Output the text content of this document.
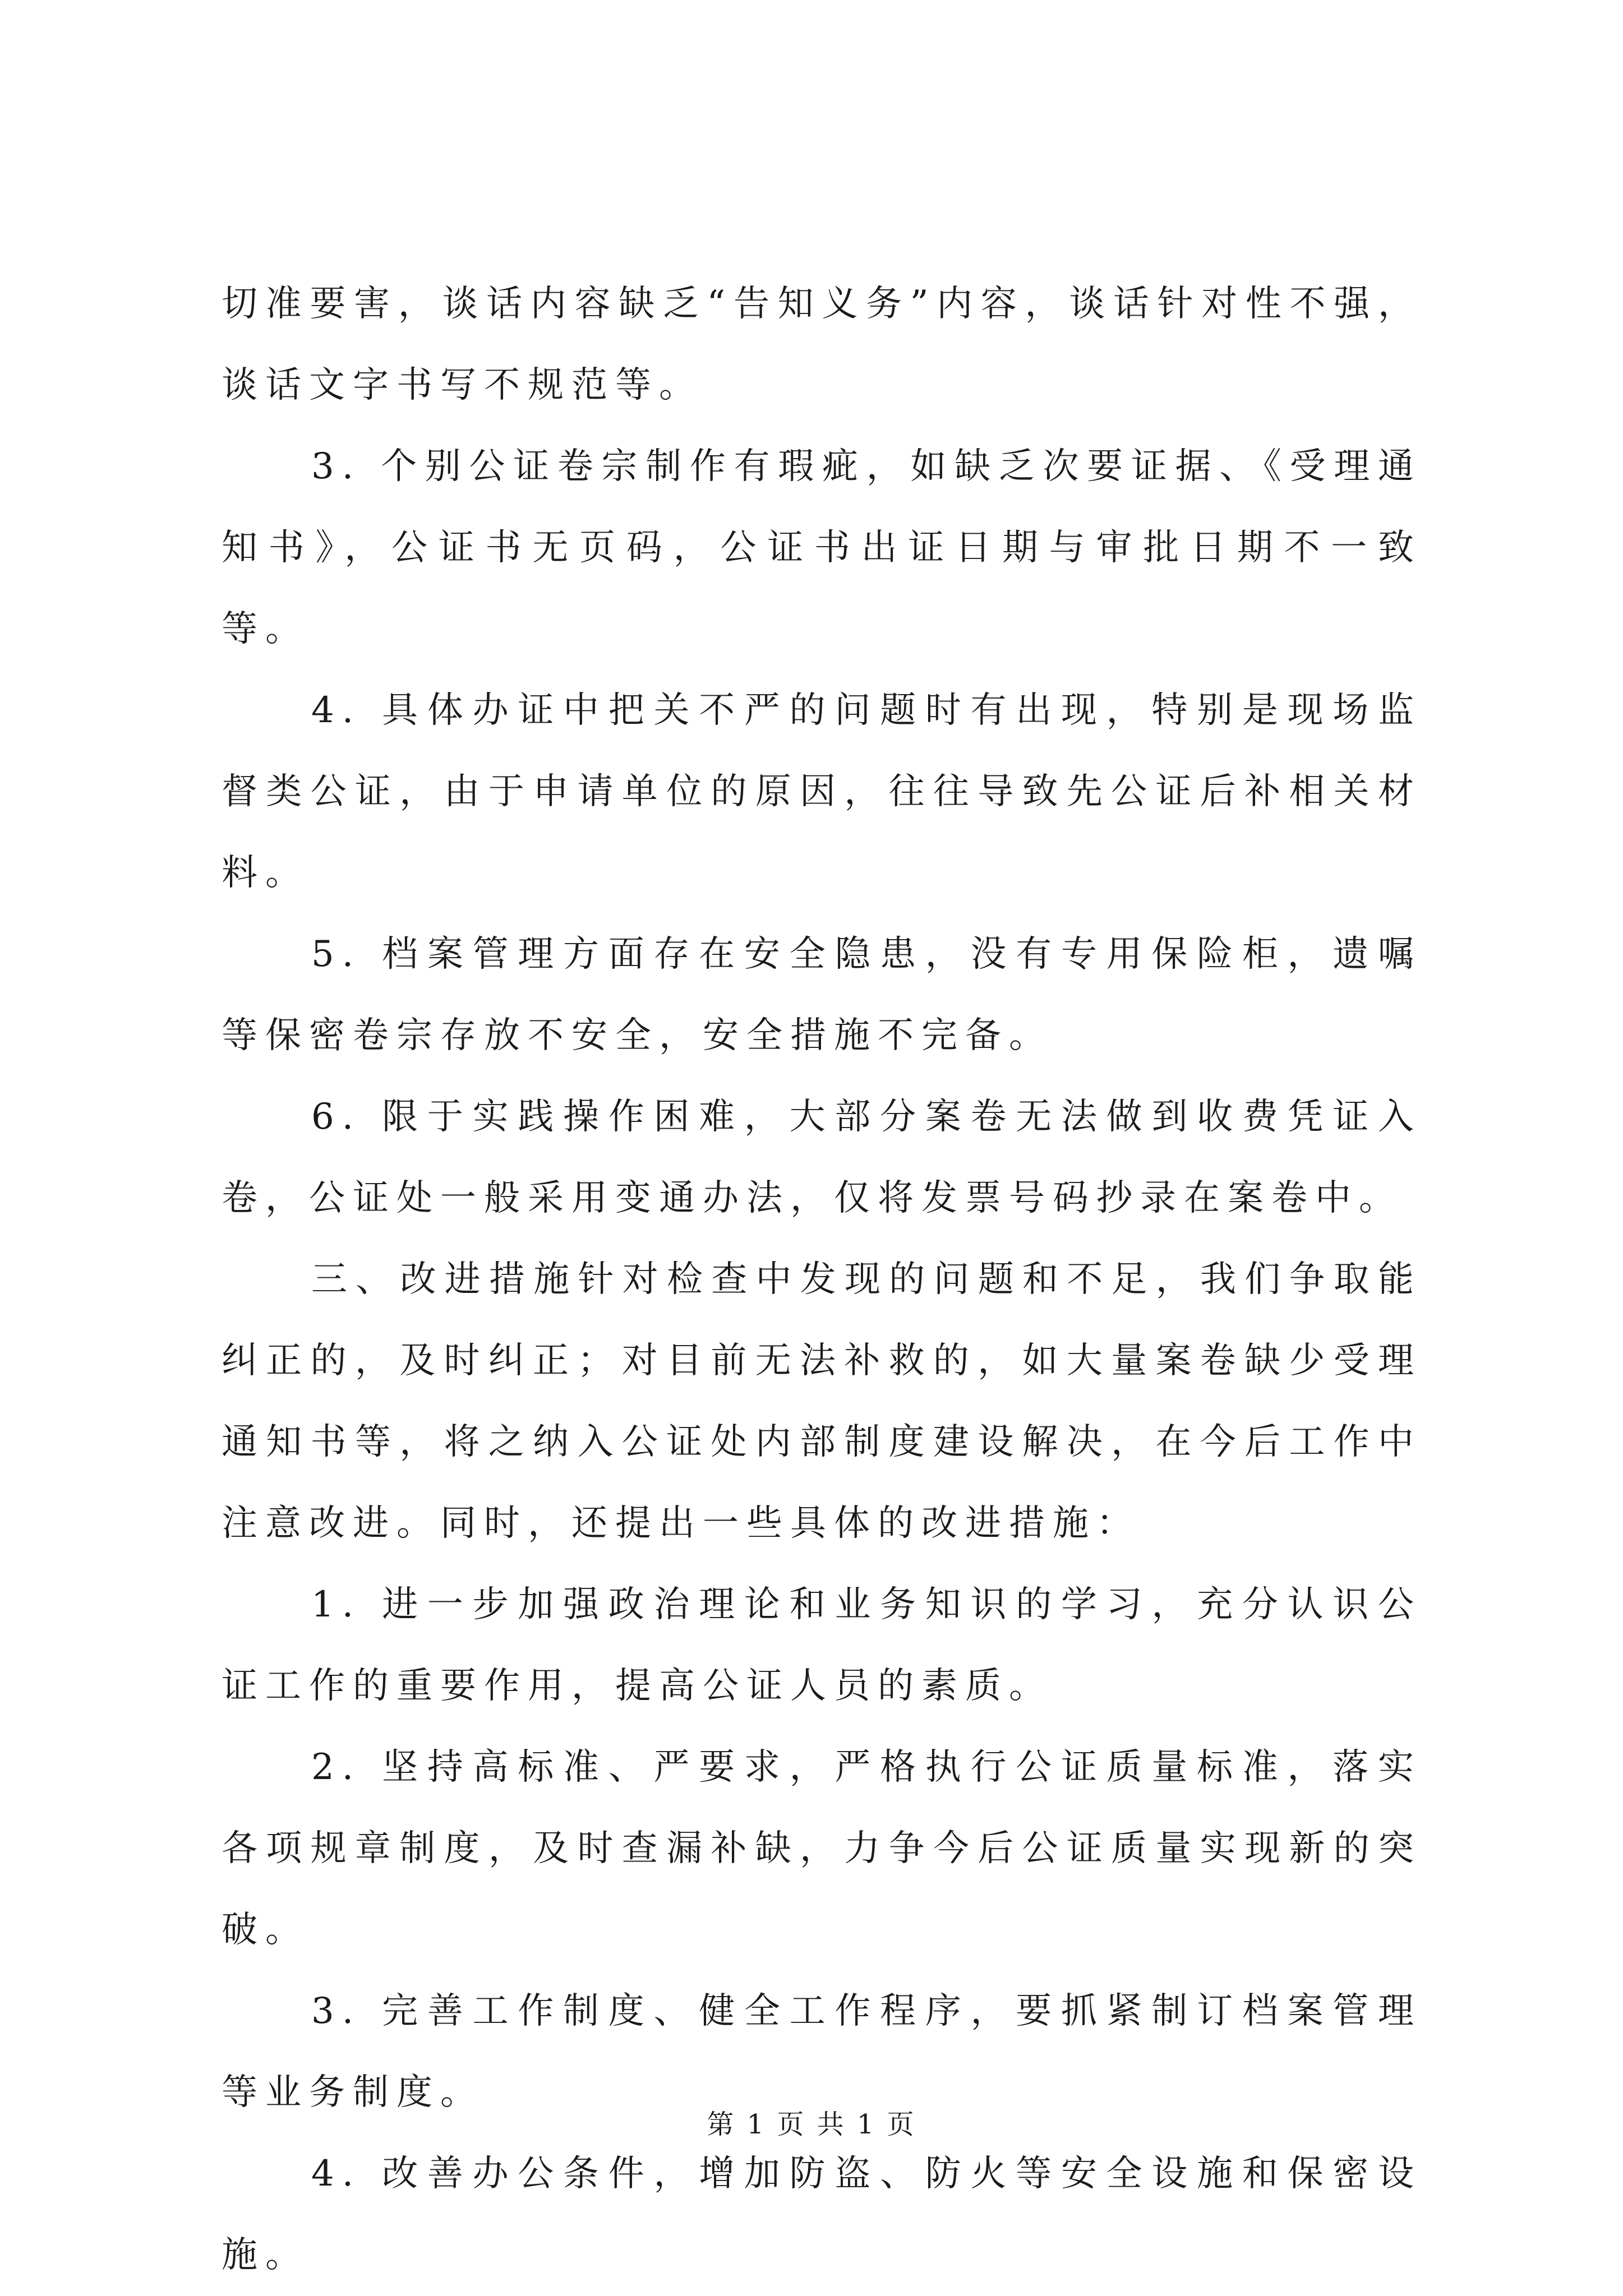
切准要害，谈话内容缺乏“告知义务”内容，谈话针对性不强，谈话文字书写不规范等。

3. 个别公证卷宗制作有瑕疵，如缺乏次要证据、《受理通知书》，公证书无页码，公证书出证日期与审批日期不一致等。

4. 具体办证中把关不严的问题时有出现，特别是现场监督类公证，由于申请单位的原因，往往导致先公证后补相关材料。

5. 档案管理方面存在安全隐患，没有专用保险柜，遗嘱等保密卷宗存放不安全，安全措施不完备。

6. 限于实践操作困难，大部分案卷无法做到收费凭证入卷，公证处一般采用变通办法，仅将发票号码抄录在案卷中。

三、改进措施针对检查中发现的问题和不足，我们争取能纠正的，及时纠正；对目前无法补救的，如大量案卷缺少受理通知书等，将之纳入公证处内部制度建设解决，在今后工作中注意改进。同时，还提出一些具体的改进措施：

1. 进一步加强政治理论和业务知识的学习，充分认识公证工作的重要作用，提高公证人员的素质。

2. 坚持高标准、严要求，严格执行公证质量标准，落实各项规章制度，及时查漏补缺，力争今后公证质量实现新的突破。

3. 完善工作制度、健全工作程序，要抓紧制订档案管理等业务制度。

4. 改善办公条件，增加防盗、防火等安全设施和保密设施。

第 1 页 共 1 页
